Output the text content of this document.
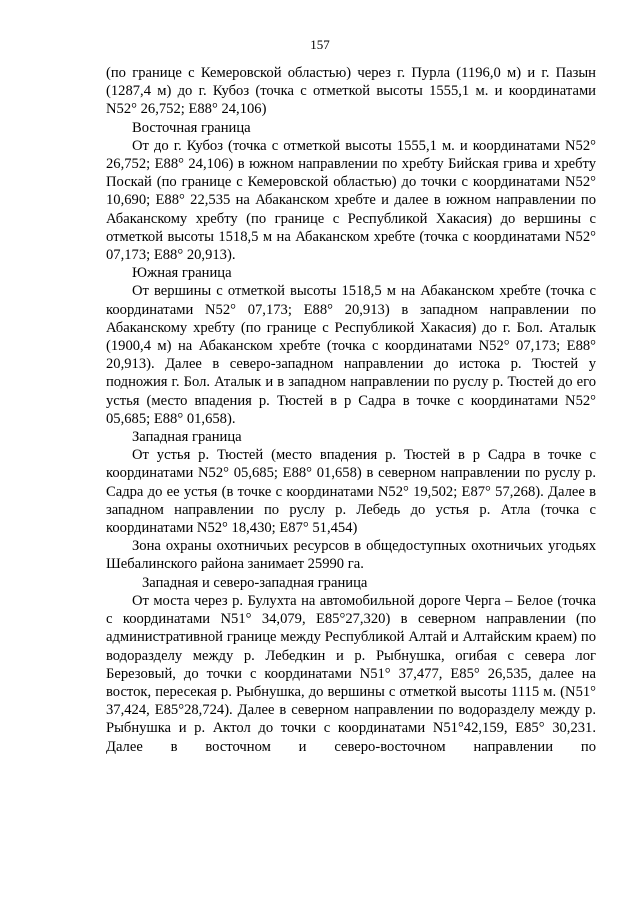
157

(по границе с Кемеровской областью) через г. Пурла (1196,0 м) и г. Пазын (1287,4 м) до г. Кубоз (точка с отметкой высоты 1555,1 м. и координатами N52° 26,752; E88° 24,106)

Восточная граница

От до г. Кубоз (точка с отметкой высоты 1555,1 м. и координатами N52° 26,752; E88° 24,106) в южном направлении по хребту Бийская грива и хребту Поскай (по границе с Кемеровской областью) до точки с координатами N52° 10,690; E88° 22,535 на Абаканском хребте и далее в южном направлении по Абаканскому хребту (по границе с Республикой Хакасия) до вершины с отметкой высоты 1518,5 м на Абаканском хребте (точка с координатами N52° 07,173; E88° 20,913).

Южная граница

От вершины с отметкой высоты 1518,5 м на Абаканском хребте (точка с координатами N52° 07,173; E88° 20,913) в западном направлении по Абаканскому хребту (по границе с Республикой Хакасия) до г. Бол. Аталык (1900,4 м) на Абаканском хребте (точка с координатами N52° 07,173; E88° 20,913). Далее в северо-западном направлении до истока р. Тюстей у подножия г. Бол. Аталык и в западном направлении по руслу р. Тюстей до его устья (место впадения р. Тюстей в р Садра в точке с координатами N52° 05,685; E88° 01,658).

Западная граница

От устья р. Тюстей (место впадения р. Тюстей в р Садра в точке с координатами N52° 05,685; E88° 01,658) в северном направлении по руслу р. Садра до ее устья (в точке с координатами N52° 19,502; E87° 57,268). Далее в западном направлении по руслу р. Лебедь до устья р. Атла (точка с координатами N52° 18,430; E87° 51,454)

Зона охраны охотничьих ресурсов в общедоступных охотничьих угодьях Шебалинского района занимает 25990 га.

Западная и северо-западная граница

От моста через р. Булухта на автомобильной дороге Черга – Белое (точка с координатами N51° 34,079, E85°27,320) в северном направлении (по административной границе между Республикой Алтай и Алтайским краем) по водоразделу между р. Лебедкин и р. Рыбнушка, огибая с севера лог Березовый, до точки с координатами N51° 37,477, E85° 26,535, далее на восток, пересекая р. Рыбнушка, до вершины с отметкой высоты 1115 м. (N51° 37,424, E85°28,724). Далее в северном направлении по водоразделу между р. Рыбнушка и р. Актол до точки с координатами N51°42,159, E85° 30,231. Далее в восточном и северо-восточном направлении по
